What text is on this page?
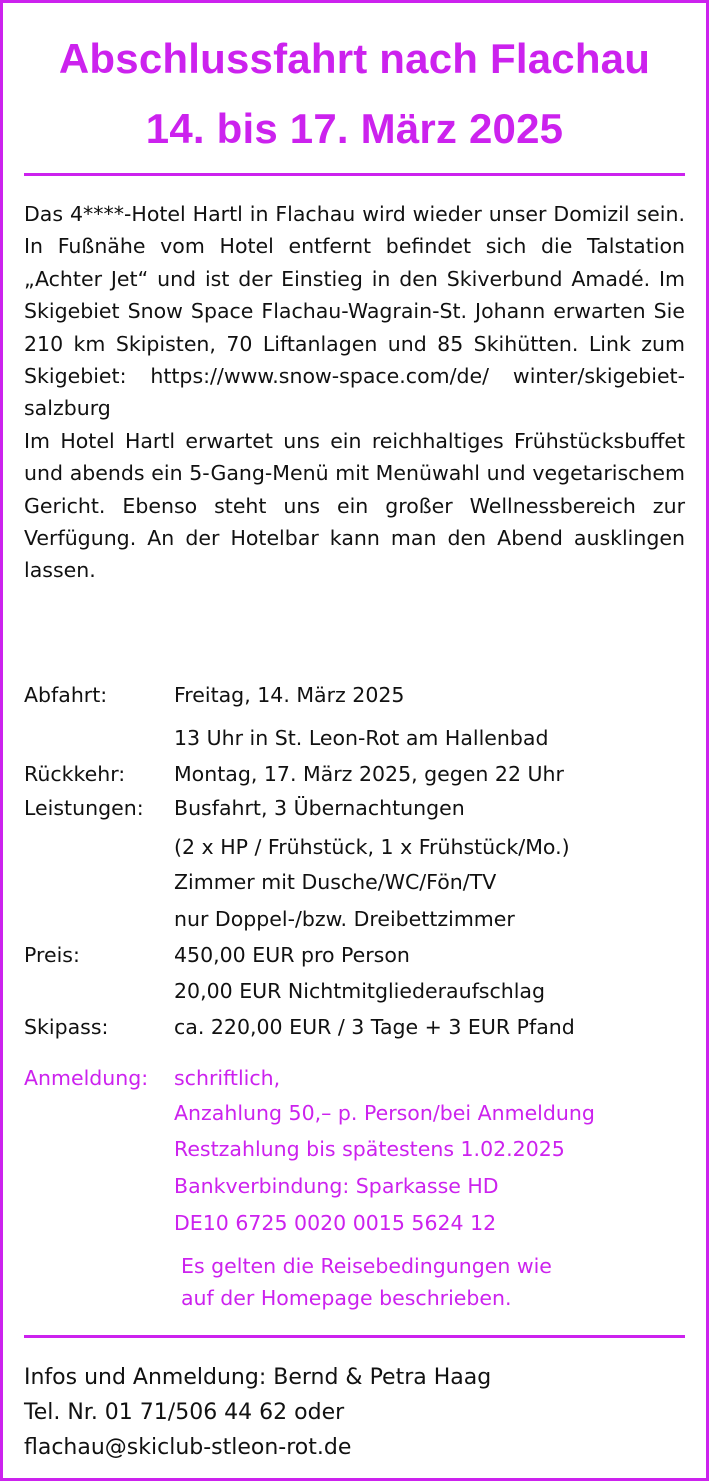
Abschlussfahrt nach Flachau
14. bis 17. März 2025

Das 4****-Hotel Hartl in Flachau wird wieder unser Domizil sein. In Fußnähe vom Hotel entfernt befindet sich die Talstation „Achter Jet“ und ist der Einstieg in den Skiverbund Amadé. Im Skigebiet Snow Space Flachau-Wagrain-St. Johann erwarten Sie 210 km Skipisten, 70 Liftanlagen und 85 Skihütten. Link zum Skigebiet: https://www.snow-space.com/de/ winter/skigebiet-salzburg

Im Hotel Hartl erwartet uns ein reichhaltiges Frühstücksbuffet und abends ein 5-Gang-Menü mit Menüwahl und vegetarischem Gericht. Ebenso steht uns ein großer Wellnessbereich zur Verfügung. An der Hotelbar kann man den Abend ausklingen lassen.

Abfahrt:	Freitag, 14. März 2025
13 Uhr in St. Leon-Rot am Hallenbad
Rückkehr: Montag, 17. März 2025, gegen 22 Uhr
Leistungen: Busfahrt, 3 Übernachtungen
(2 x HP / Frühstück, 1 x Frühstück/Mo.)
Zimmer mit Dusche/WC/Fön/TV
nur Doppel-/bzw. Dreibettzimmer
Preis:	450,00 EUR pro Person
20,00 EUR Nichtmitgliederaufschlag
Skipass:	ca. 220,00 EUR / 3 Tage + 3 EUR Pfand
Anmeldung: schriftlich,
Anzahlung 50,– p. Person/bei Anmeldung
Restzahlung bis spätestens 1.02.2025
Bankverbindung: Sparkasse HD
DE10 6725 0020 0015 5624 12
Es gelten die Reisebedingungen wie
auf der Homepage beschrieben.
Infos und Anmeldung: Bernd & Petra Haag
Tel. Nr. 01 71/506 44 62 oder
flachau@skiclub-stleon-rot.de
